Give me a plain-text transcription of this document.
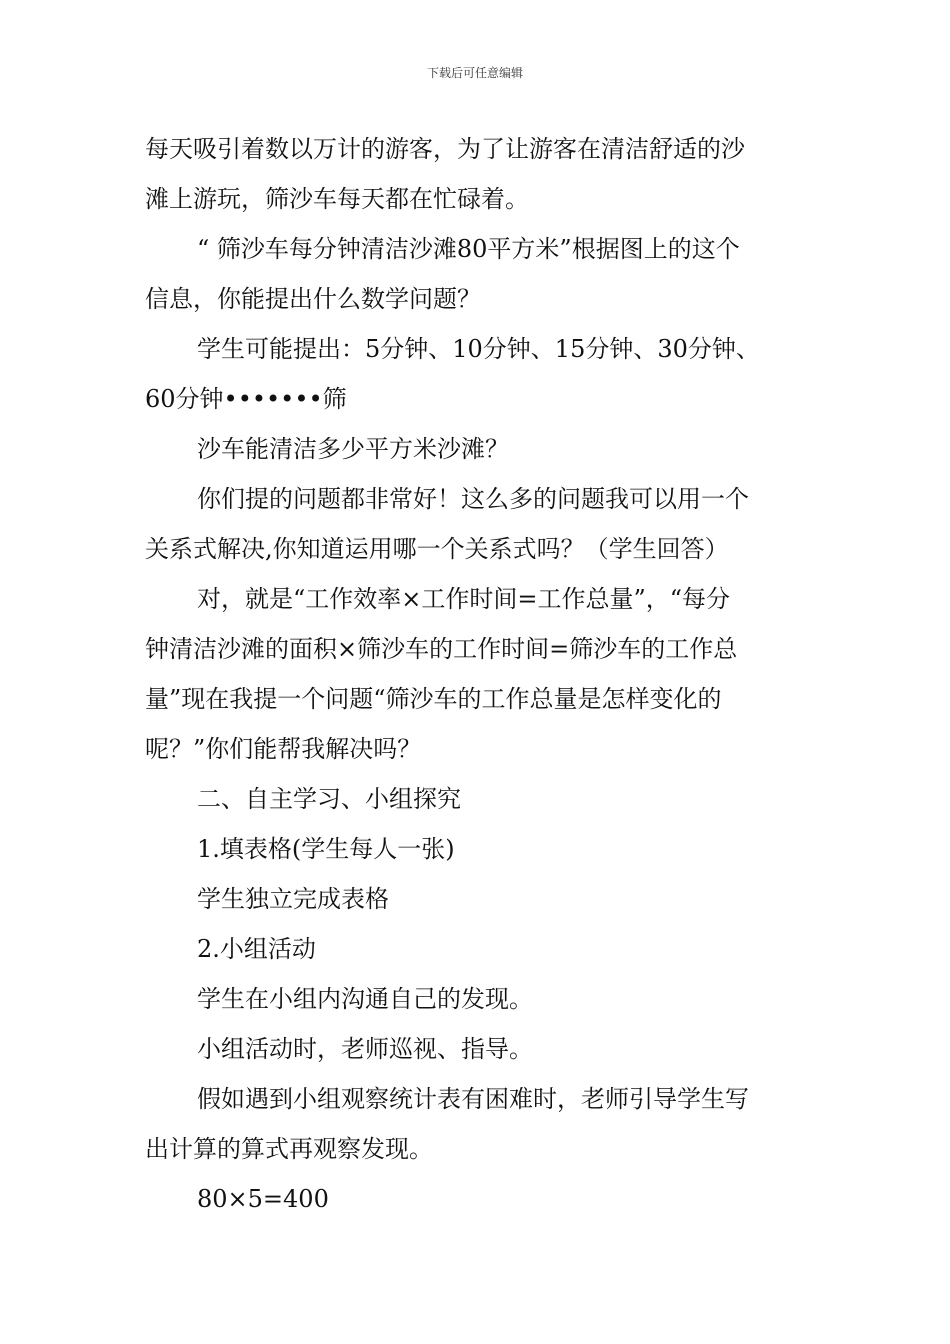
下载后可任意编辑
每天吸引着数以万计的游客，为了让游客在清洁舒适的沙
滩上游玩，筛沙车每天都在忙碌着。
“ 筛沙车每分钟清洁沙滩80平方米”根据图上的这个
信息，你能提出什么数学问题？
学生可能提出：5分钟、10分钟、15分钟、30分钟、
60分钟•••••••筛
沙车能清洁多少平方米沙滩？
你们提的问题都非常好！这么多的问题我可以用一个
关系式解决,你知道运用哪一个关系式吗？（学生回答）
对，就是“工作效率×工作时间=工作总量”，“每分
钟清洁沙滩的面积×筛沙车的工作时间=筛沙车的工作总
量”现在我提一个问题“筛沙车的工作总量是怎样变化的
呢？”你们能帮我解决吗？
二、自主学习、小组探究
1.填表格(学生每人一张)
学生独立完成表格
2.小组活动
学生在小组内沟通自己的发现。
小组活动时，老师巡视、指导。
假如遇到小组观察统计表有困难时，老师引导学生写
出计算的算式再观察发现。
80×5=400
